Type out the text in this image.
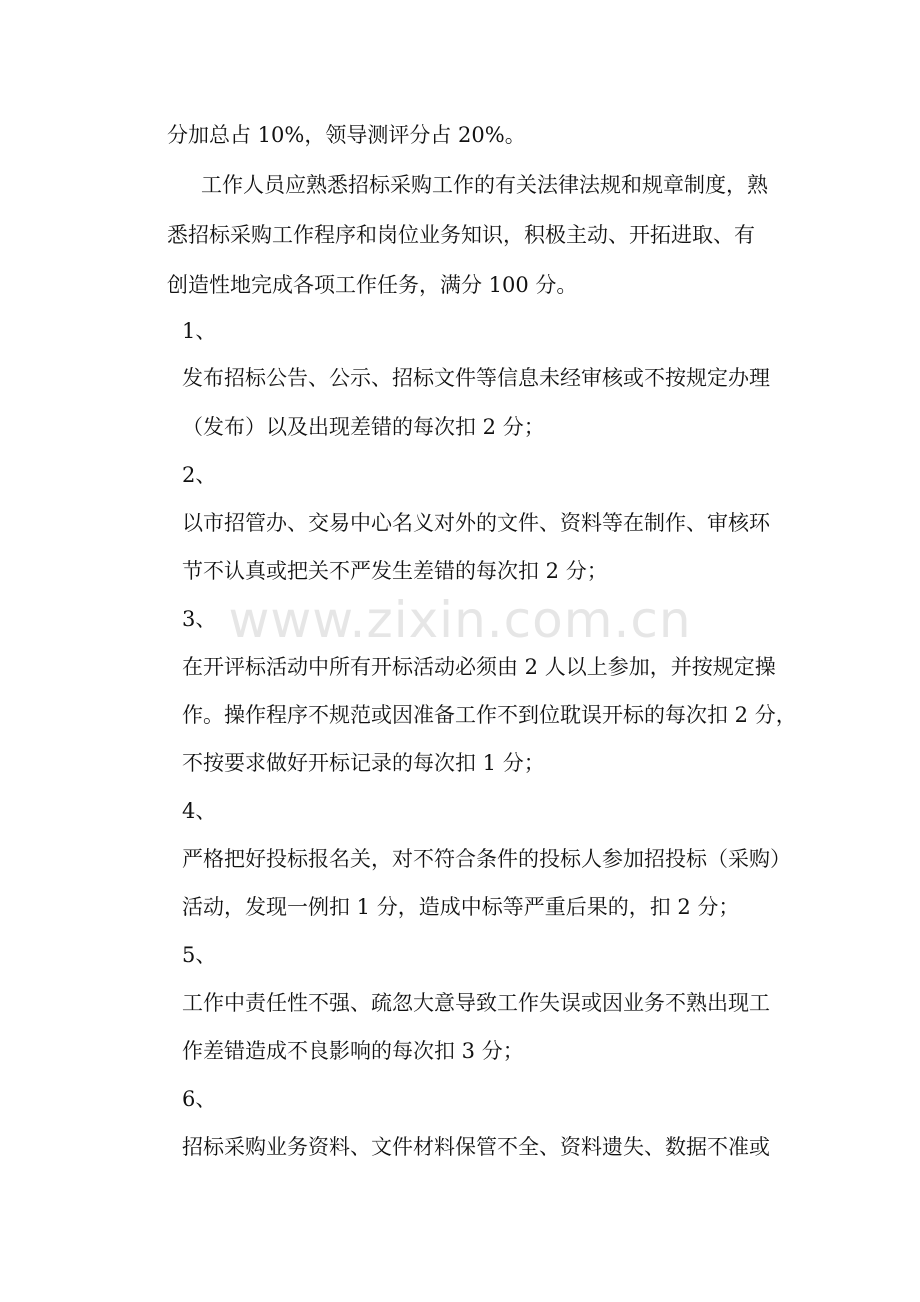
www.zixin.com.cn
分加总占 10%，领导测评分占 20%。
工作人员应熟悉招标采购工作的有关法律法规和规章制度，熟
悉招标采购工作程序和岗位业务知识，积极主动、开拓进取、有
创造性地完成各项工作任务，满分 100 分。
1、
发布招标公告、公示、招标文件等信息未经审核或不按规定办理
（发布）以及出现差错的每次扣 2 分；
2、
以市招管办、交易中心名义对外的文件、资料等在制作、审核环
节不认真或把关不严发生差错的每次扣 2 分；
3、
在开评标活动中所有开标活动必须由 2 人以上参加，并按规定操
作。操作程序不规范或因准备工作不到位耽误开标的每次扣 2 分，
不按要求做好开标记录的每次扣 1 分；
4、
严格把好投标报名关，对不符合条件的投标人参加招投标（采购）
活动，发现一例扣 1 分，造成中标等严重后果的，扣 2 分；
5、
工作中责任性不强、疏忽大意导致工作失误或因业务不熟出现工
作差错造成不良影响的每次扣 3 分；
6、
招标采购业务资料、文件材料保管不全、资料遗失、数据不准或
